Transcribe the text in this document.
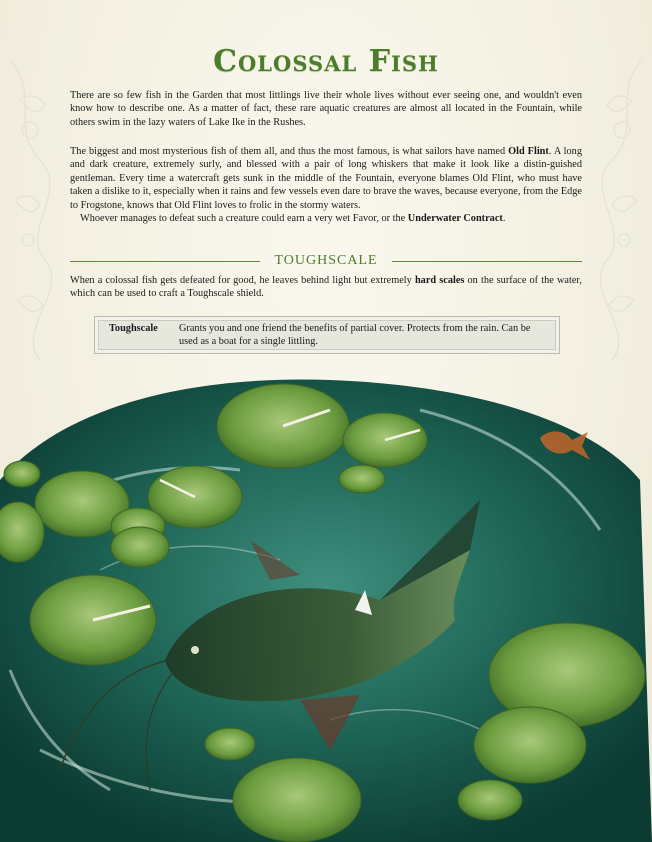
Colossal Fish
There are so few fish in the Garden that most littlings live their whole lives without ever seeing one, and wouldn't even know how to describe one. As a matter of fact, these rare aquatic creatures are almost all located in the Fountain, while others swim in the lazy waters of Lake Ike in the Rushes.
The biggest and most mysterious fish of them all, and thus the most famous, is what sailors have named Old Flint. A long and dark creature, extremely surly, and blessed with a pair of long whiskers that make it look like a distin-guished gentleman. Every time a watercraft gets sunk in the middle of the Fountain, everyone blames Old Flint, who must have taken a dislike to it, especially when it rains and few vessels even dare to brave the waves, because everyone, from the Edge to Frogstone, knows that Old Flint loves to frolic in the stormy waters.
Whoever manages to defeat such a creature could earn a very wet Favor, or the Underwater Contract.
TOUGHSCALE
When a colossal fish gets defeated for good, he leaves behind light but extremely hard scales on the surface of the water, which can be used to craft a Toughscale shield.
Toughscale Grants you and one friend the benefits of partial cover. Protects from the rain. Can be used as a boat for a single littling.
